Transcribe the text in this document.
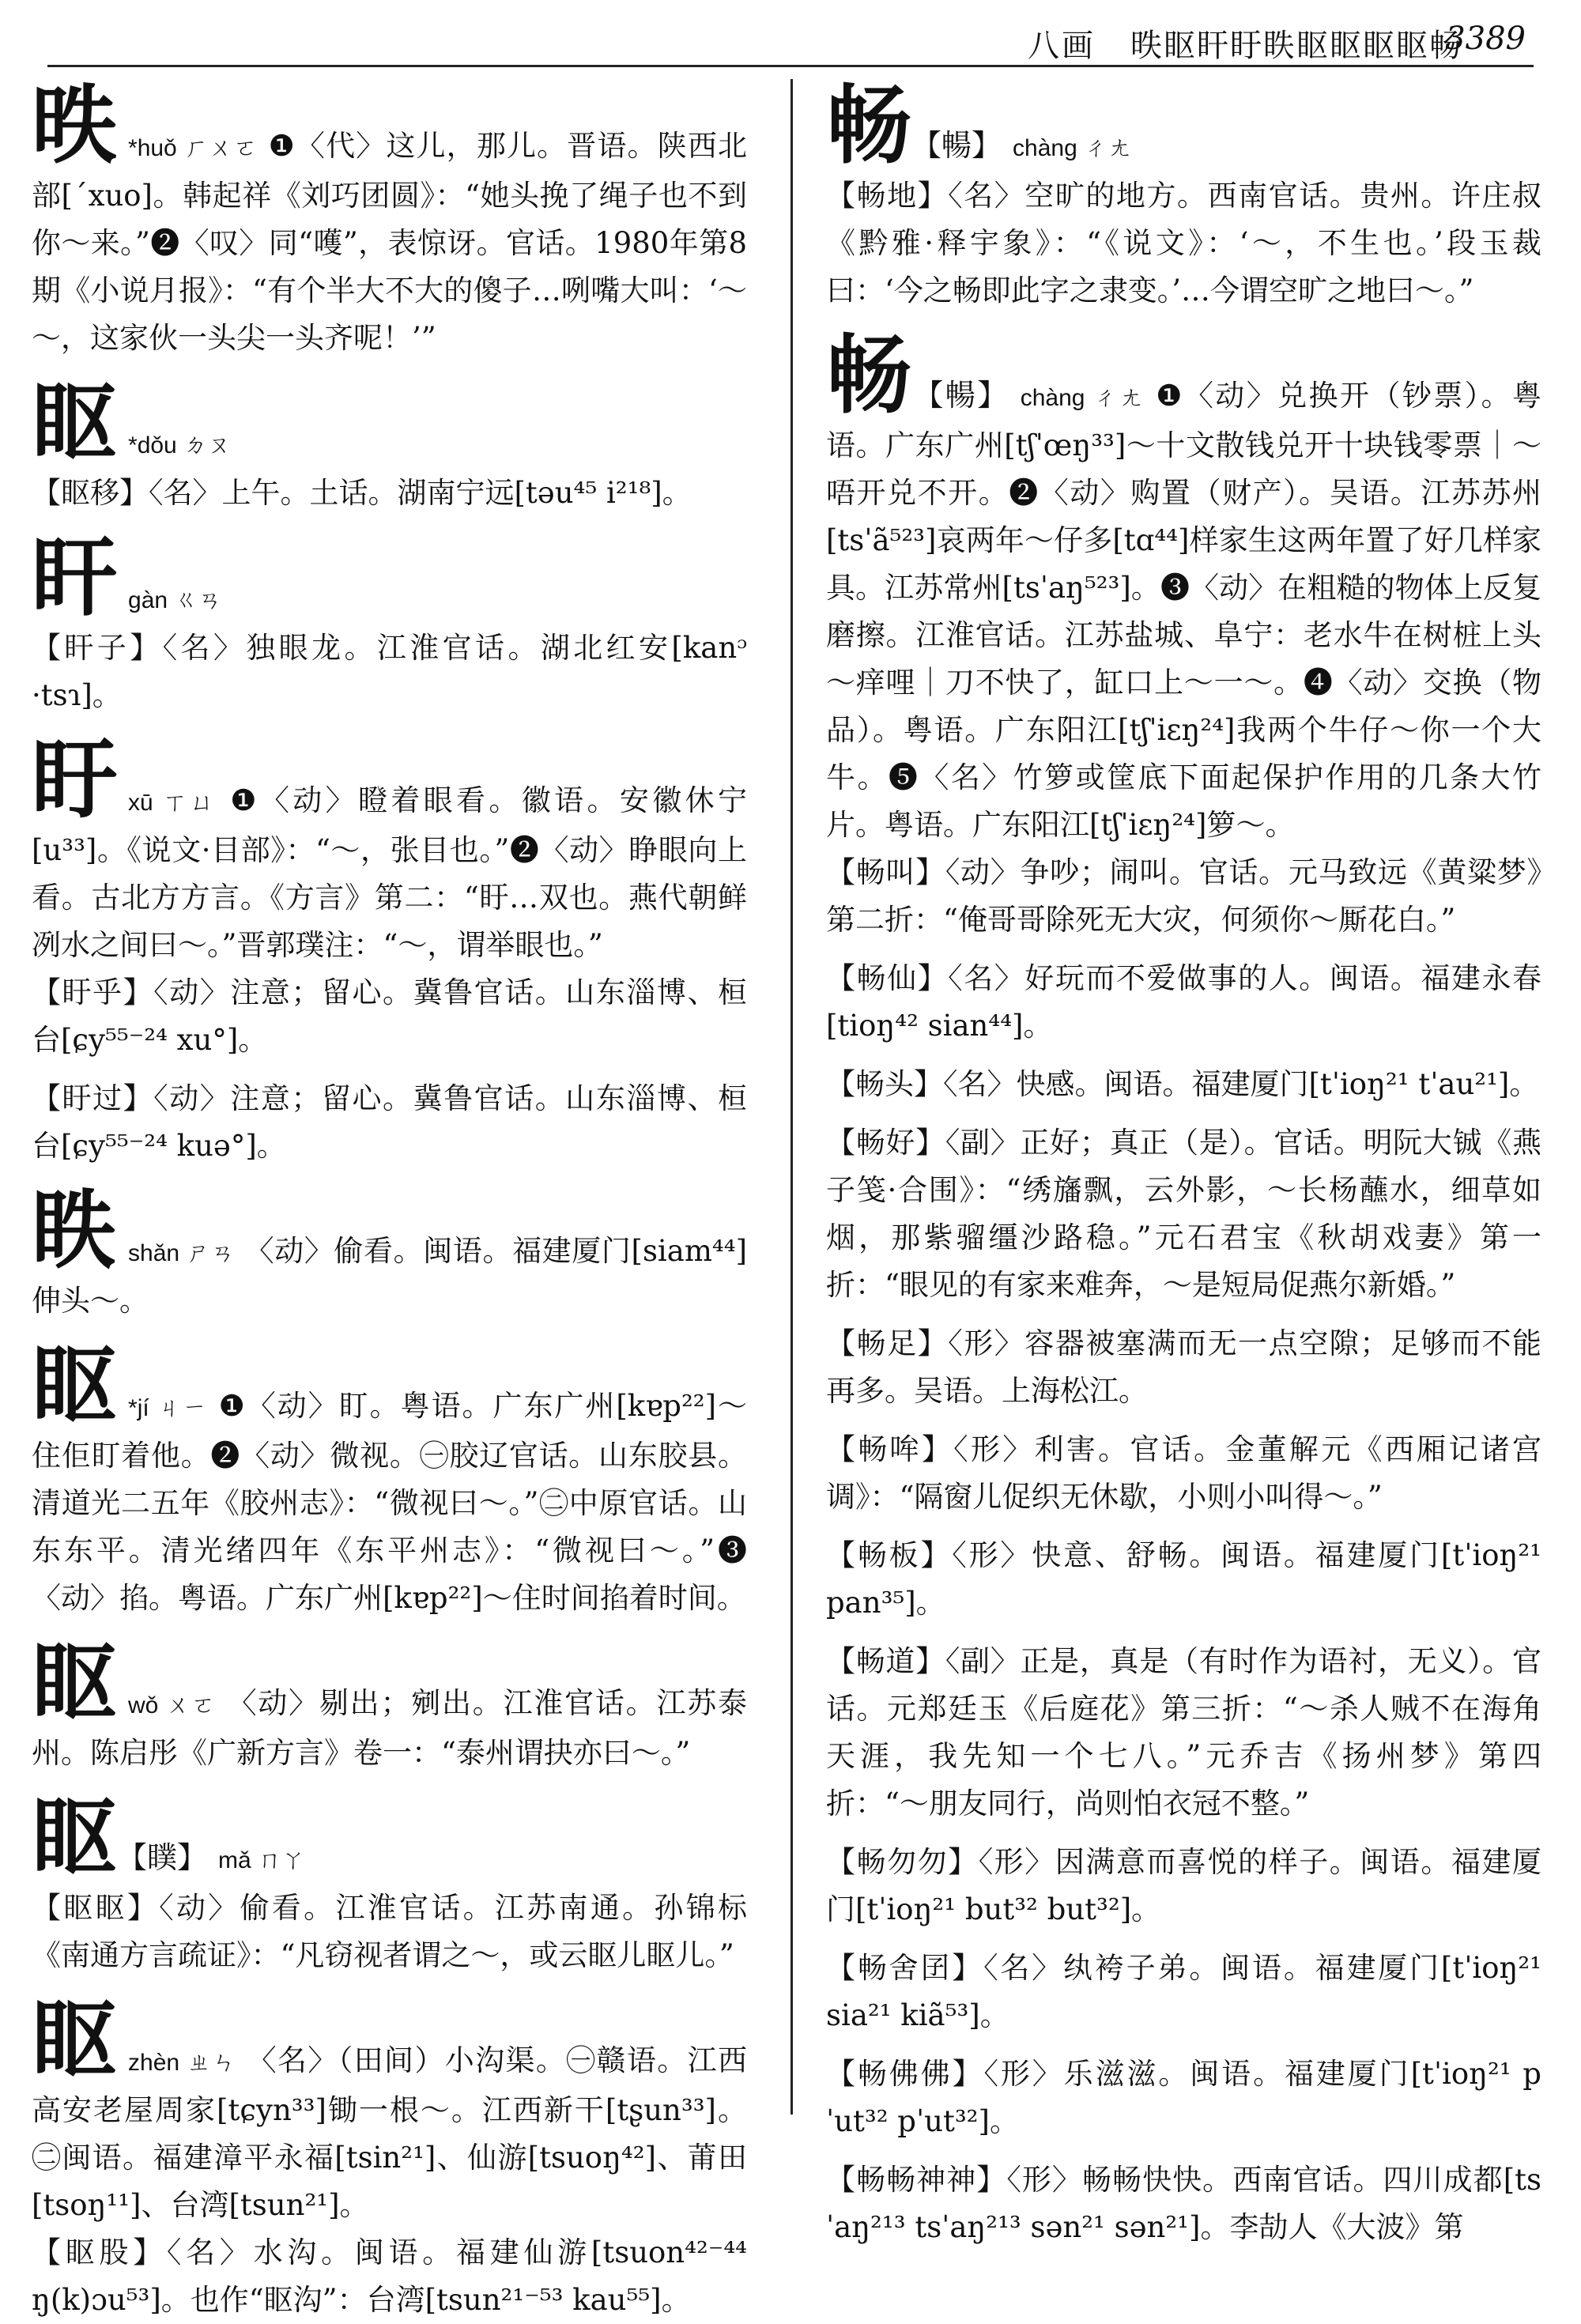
八画 昳眍盰盱眣眍眍眍眍畅
3389
昳 *huǒ ㄏㄨㄛ ❶〈代〉这儿，那儿。晋语。陕西北部[ˊxuo]。韩起祥《刘巧团圆》：“她头挽了绳子也不到你～来。”❷〈叹〉同“嚄”，表惊讶。官话。1980年第8期《小说月报》：“有个半大不大的傻子…咧嘴大叫：‘～～，这家伙一头尖一头齐呢！’”
眍 *dǒu ㄉㄡ
【眍移】〈名〉上午。土话。湖南宁远[təu⁴⁵ i²¹⁸]。
盰gàn ㄍㄢ
【盰子】〈名〉独眼龙。江淮官话。湖北红安[kanᵓ ·tsɿ]。
盱xū ㄒㄩ ❶〈动〉瞪着眼看。徽语。安徽休宁[u³³]。《说文·目部》：“～，张目也。”❷〈动〉睁眼向上看。古北方方言。《方言》第二：“盱…双也。燕代朝鲜冽水之间曰～。”晋郭璞注：“～，谓举眼也。”
【盱乎】〈动〉注意；留心。冀鲁官话。山东淄博、桓台[ɕy⁵⁵⁻²⁴ xu°]。
【盱过】〈动〉注意；留心。冀鲁官话。山东淄博、桓台[ɕy⁵⁵⁻²⁴ kuə°]。
眣shǎn ㄕㄢ 〈动〉偷看。闽语。福建厦门[siam⁴⁴]伸头～。
眍 *jí ㄐㄧ ❶〈动〉盯。粤语。广东广州[kɐp²²]～住佢盯着他。❷〈动〉微视。㊀胶辽官话。山东胶县。清道光二五年《胶州志》：“微视曰～。”㊁中原官话。山东东平。清光绪四年《东平州志》：“微视曰～。”❸〈动〉掐。粤语。广东广州[kɐp²²]～住时间掐着时间。
眍wǒ ㄨㄛ 〈动〉剔出；剜出。江淮官话。江苏泰州。陈启彤《广新方言》卷一：“泰州谓抉亦曰～。”
眍【瞨】 mǎ ㄇㄚ
【眍眍】〈动〉偷看。江淮官话。江苏南通。孙锦标《南通方言疏证》：“凡窃视者谓之～，或云眍儿眍儿。”
眍zhèn ㄓㄣ 〈名〉（田间）小沟渠。㊀赣语。江西高安老屋周家[tɕyn³³]锄一根～。江西新干[tʂun³³]。㊁闽语。福建漳平永福[tsin²¹]、仙游[tsuoŋ⁴²]、莆田[tsoŋ¹¹]、台湾[tsun²¹]。
【眍股】〈名〉水沟。闽语。福建仙游[tsuon⁴²⁻⁴⁴ ŋ(k)ɔu⁵³]。也作“眍沟”：台湾[tsun²¹⁻⁵³ kau⁵⁵]。
畅【暢】 chàng ㄔㄤ
【畅地】〈名〉空旷的地方。西南官话。贵州。许庄叔《黔雅·释宇象》：“《说文》：‘～，不生也。’段玉裁曰：‘今之畅即此字之隶变。’…今谓空旷之地曰～。”
畅【暢】 chàng ㄔㄤ ❶〈动〉兑换开（钞票）。粤语。广东广州[tʃˈœŋ³³]～十文散钱兑开十块钱零票｜～唔开兑不开。❷〈动〉购置（财产）。吴语。江苏苏州[tsˈã⁵²³]哀两年～仔多[tɑ⁴⁴]样家生这两年置了好几样家具。江苏常州[tsˈaŋ⁵²³]。❸〈动〉在粗糙的物体上反复磨擦。江淮官话。江苏盐城、阜宁：老水牛在树桩上头～痒哩｜刀不快了，缸口上～一～。❹〈动〉交换（物品）。粤语。广东阳江[tʃˈiɛŋ²⁴]我两个牛仔～你一个大牛。❺〈名〉竹箩或筐底下面起保护作用的几条大竹片。粤语。广东阳江[tʃˈiɛŋ²⁴]箩～。
【畅叫】〈动〉争吵；闹叫。官话。元马致远《黄粱梦》第二折：“俺哥哥除死无大灾，何须你～厮花白。”
【畅仙】〈名〉好玩而不爱做事的人。闽语。福建永春[tioŋ⁴² sian⁴⁴]。
【畅头】〈名〉快感。闽语。福建厦门[tˈioŋ²¹ tˈau²¹]。
【畅好】〈副〉正好；真正（是）。官话。明阮大铖《燕子笺·合围》：“绣旛飘，云外影，～长杨蘸水，细草如烟，那紫骝缰沙路稳。”元石君宝《秋胡戏妻》第一折：“眼见的有家来难奔，～是短局促燕尔新婚。”
【畅足】〈形〉容器被塞满而无一点空隙；足够而不能再多。吴语。上海松江。
【畅哞】〈形〉利害。官话。金董解元《西厢记诸宫调》：“隔窗儿促织无休歇，小则小叫得～。”
【畅板】〈形〉快意、舒畅。闽语。福建厦门[tˈioŋ²¹ pan³⁵]。
【畅道】〈副〉正是，真是（有时作为语衬，无义）。官话。元郑廷玉《后庭花》第三折：“～杀人贼不在海角天涯，我先知一个七八。”元乔吉《扬州梦》第四折：“～朋友同行，尚则怕衣冠不整。”
【畅勿勿】〈形〉因满意而喜悦的样子。闽语。福建厦门[tˈioŋ²¹ but³² but³²]。
【畅舍囝】〈名〉纨袴子弟。闽语。福建厦门[tˈioŋ²¹ sia²¹ kiã⁵³]。
【畅佛佛】〈形〉乐滋滋。闽语。福建厦门[tˈioŋ²¹ pˈut³² pˈut³²]。
【畅畅神神】〈形〉畅畅快快。西南官话。四川成都[tsˈaŋ²¹³ tsˈaŋ²¹³ sən²¹ sən²¹]。李劼人《大波》第
